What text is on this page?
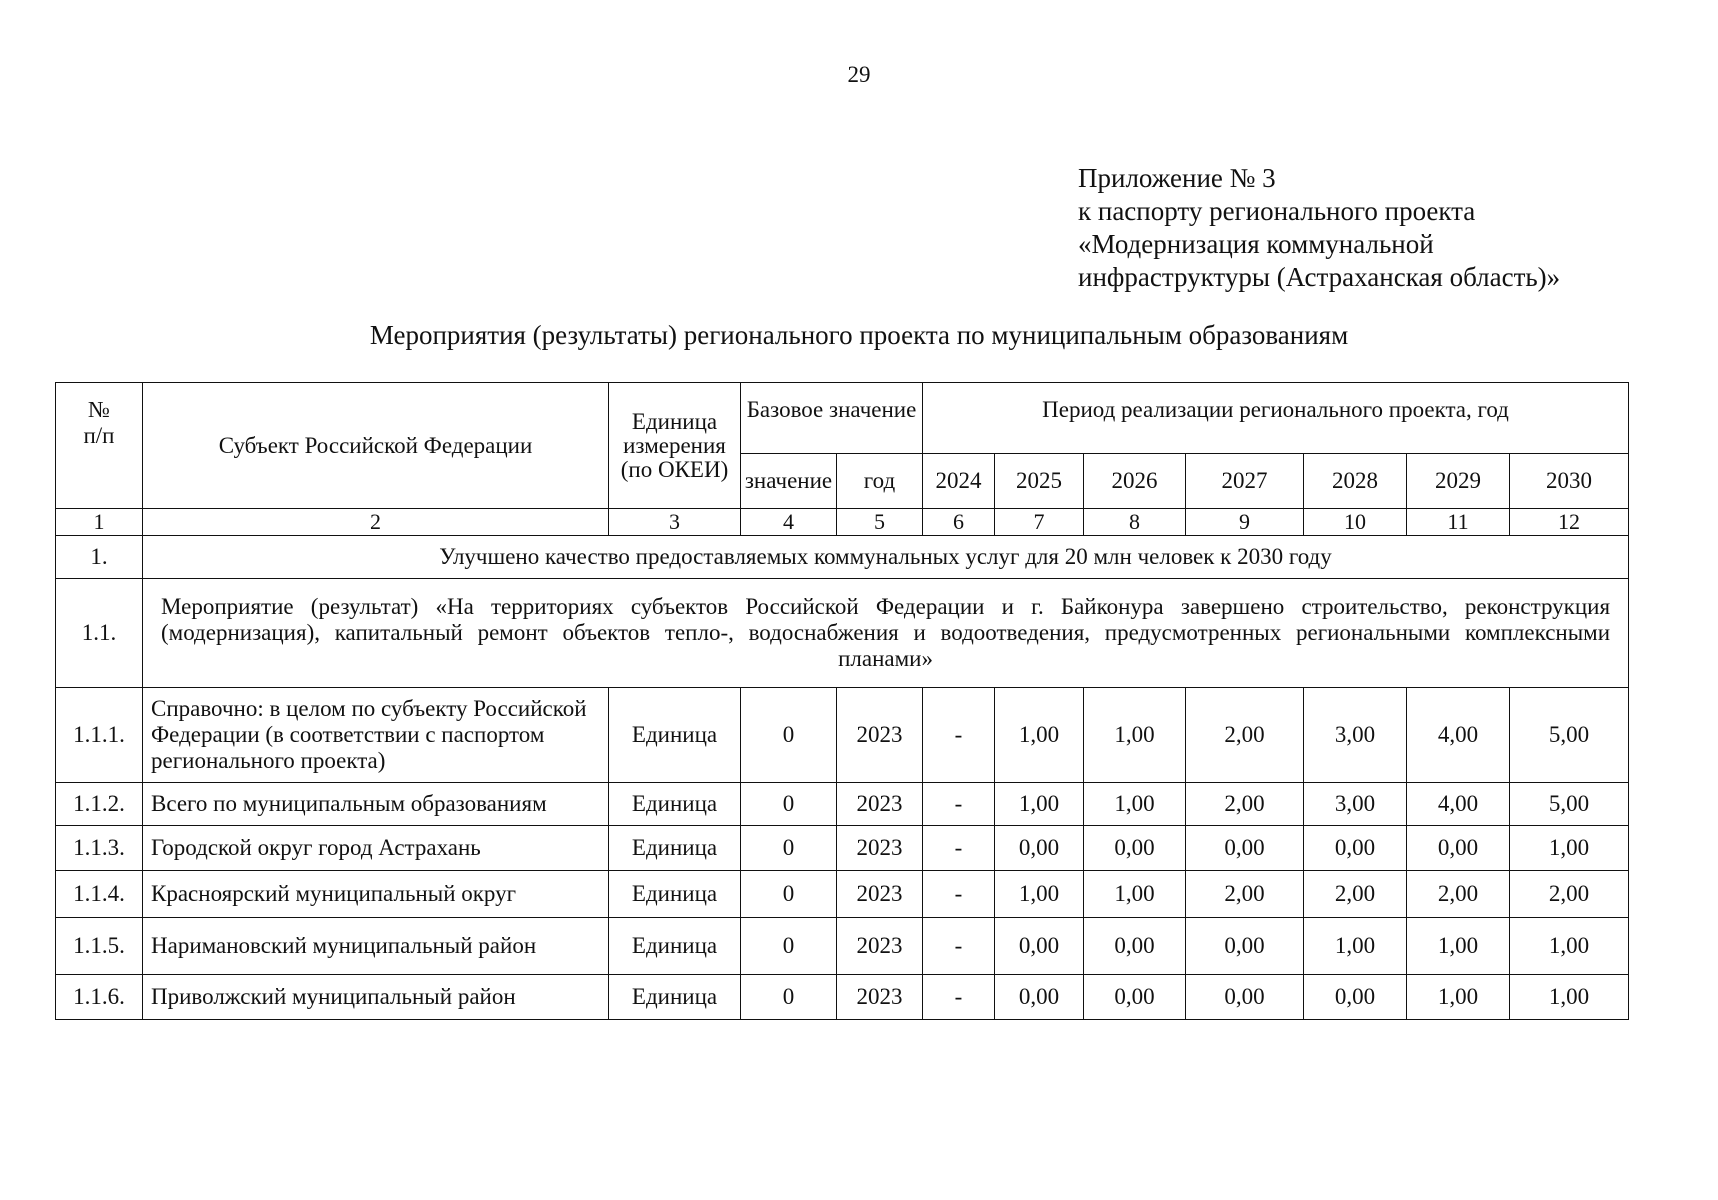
29
Приложение № 3
к паспорту регионального проекта
«Модернизация коммунальной
инфраструктуры (Астраханская область)»
Мероприятия (результаты) регионального проекта по муниципальным образованиям
№
п/п	Субъект Российской Федерации	Единица измерения (по ОКЕИ)	Базовое значение		Период реализации регионального проекта, год						
			значение	год	2024	2025	2026	2027	2028	2029	2030
1	2	3	4	5	6	7	8	9	10	11	12
1.	Улучшено качество предоставляемых коммунальных услуг для 20 млн человек к 2030 году										
1.1.	Мероприятие (результат) «На территориях субъектов Российской Федерации и г. Байконура завершено строительство, реконструкция (модернизация), капитальный ремонт объектов тепло-, водоснабжения и водоотведения, предусмотренных региональными комплексными планами»										
1.1.1.	Справочно: в целом по субъекту Российской Федерации (в соответствии с паспортом регионального проекта)	Единица	0	2023	-	1,00	1,00	2,00	3,00	4,00	5,00
1.1.2.	Всего по муниципальным образованиям	Единица	0	2023	-	1,00	1,00	2,00	3,00	4,00	5,00
1.1.3.	Городской округ город Астрахань	Единица	0	2023	-	0,00	0,00	0,00	0,00	0,00	1,00
1.1.4.	Красноярский муниципальный округ	Единица	0	2023	-	1,00	1,00	2,00	2,00	2,00	2,00
1.1.5.	Наримановский муниципальный район	Единица	0	2023	-	0,00	0,00	0,00	1,00	1,00	1,00
1.1.6.	Приволжский муниципальный район	Единица	0	2023	-	0,00	0,00	0,00	0,00	1,00	1,00
